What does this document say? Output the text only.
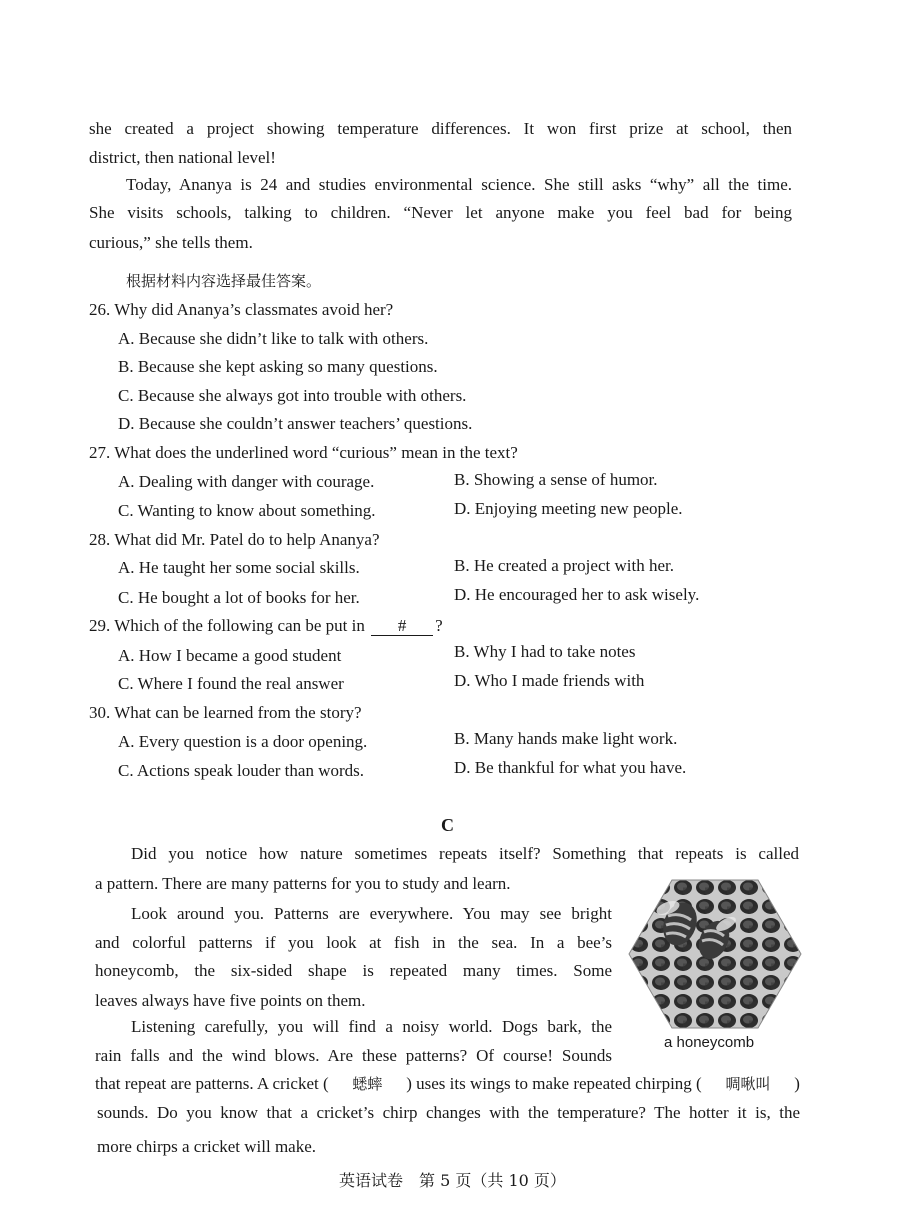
she created a project showing temperature differences. It won first prize at school, then
district, then national level!
Today, Ananya is 24 and studies environmental science. She still asks “why” all the time.
She visits schools, talking to children. “Never let anyone make you feel bad for being
curious,” she tells them.
根据材料内容选择最佳答案。
26. Why did Ananya’s classmates avoid her?
A. Because she didn’t like to talk with others.
B. Because she kept asking so many questions.
C. Because she always got into trouble with others.
D. Because she couldn’t answer teachers’ questions.
27. What does the underlined word “curious” mean in the text?
A. Dealing with danger with courage.	B. Showing a sense of humor.
C. Wanting to know about something.	D. Enjoying meeting new people.
28. What did Mr. Patel do to help Ananya?
A. He taught her some social skills.	B. He created a project with her.
C. He bought a lot of books for her.	D. He encouraged her to ask wisely.
29. Which of the following can be put in # ?
A. How I became a good student	B. Why I had to take notes
C. Where I found the real answer	D. Who I made friends with
30. What can be learned from the story?
A. Every question is a door opening.	B. Many hands make light work.
C. Actions speak louder than words.	D. Be thankful for what you have.
C
Did you notice how nature sometimes repeats itself? Something that repeats is called
a pattern. There are many patterns for you to study and learn.
Look around you. Patterns are everywhere. You may see bright
and colorful patterns if you look at fish in the sea. In a bee’s
honeycomb, the six-sided shape is repeated many times. Some
leaves always have five points on them.
Listening carefully, you will find a noisy world. Dogs bark, the
rain falls and the wind blows. Are these patterns? Of course! Sounds
that repeat are patterns. A cricket ( 蟋蟀 ) uses its wings to make repeated chirping ( 啁啾叫 )
sounds. Do you know that a cricket’s chirp changes with the temperature? The hotter it is, the
more chirps a cricket will make.
a honeycomb
英语试卷　第 5 页（共 10 页）
